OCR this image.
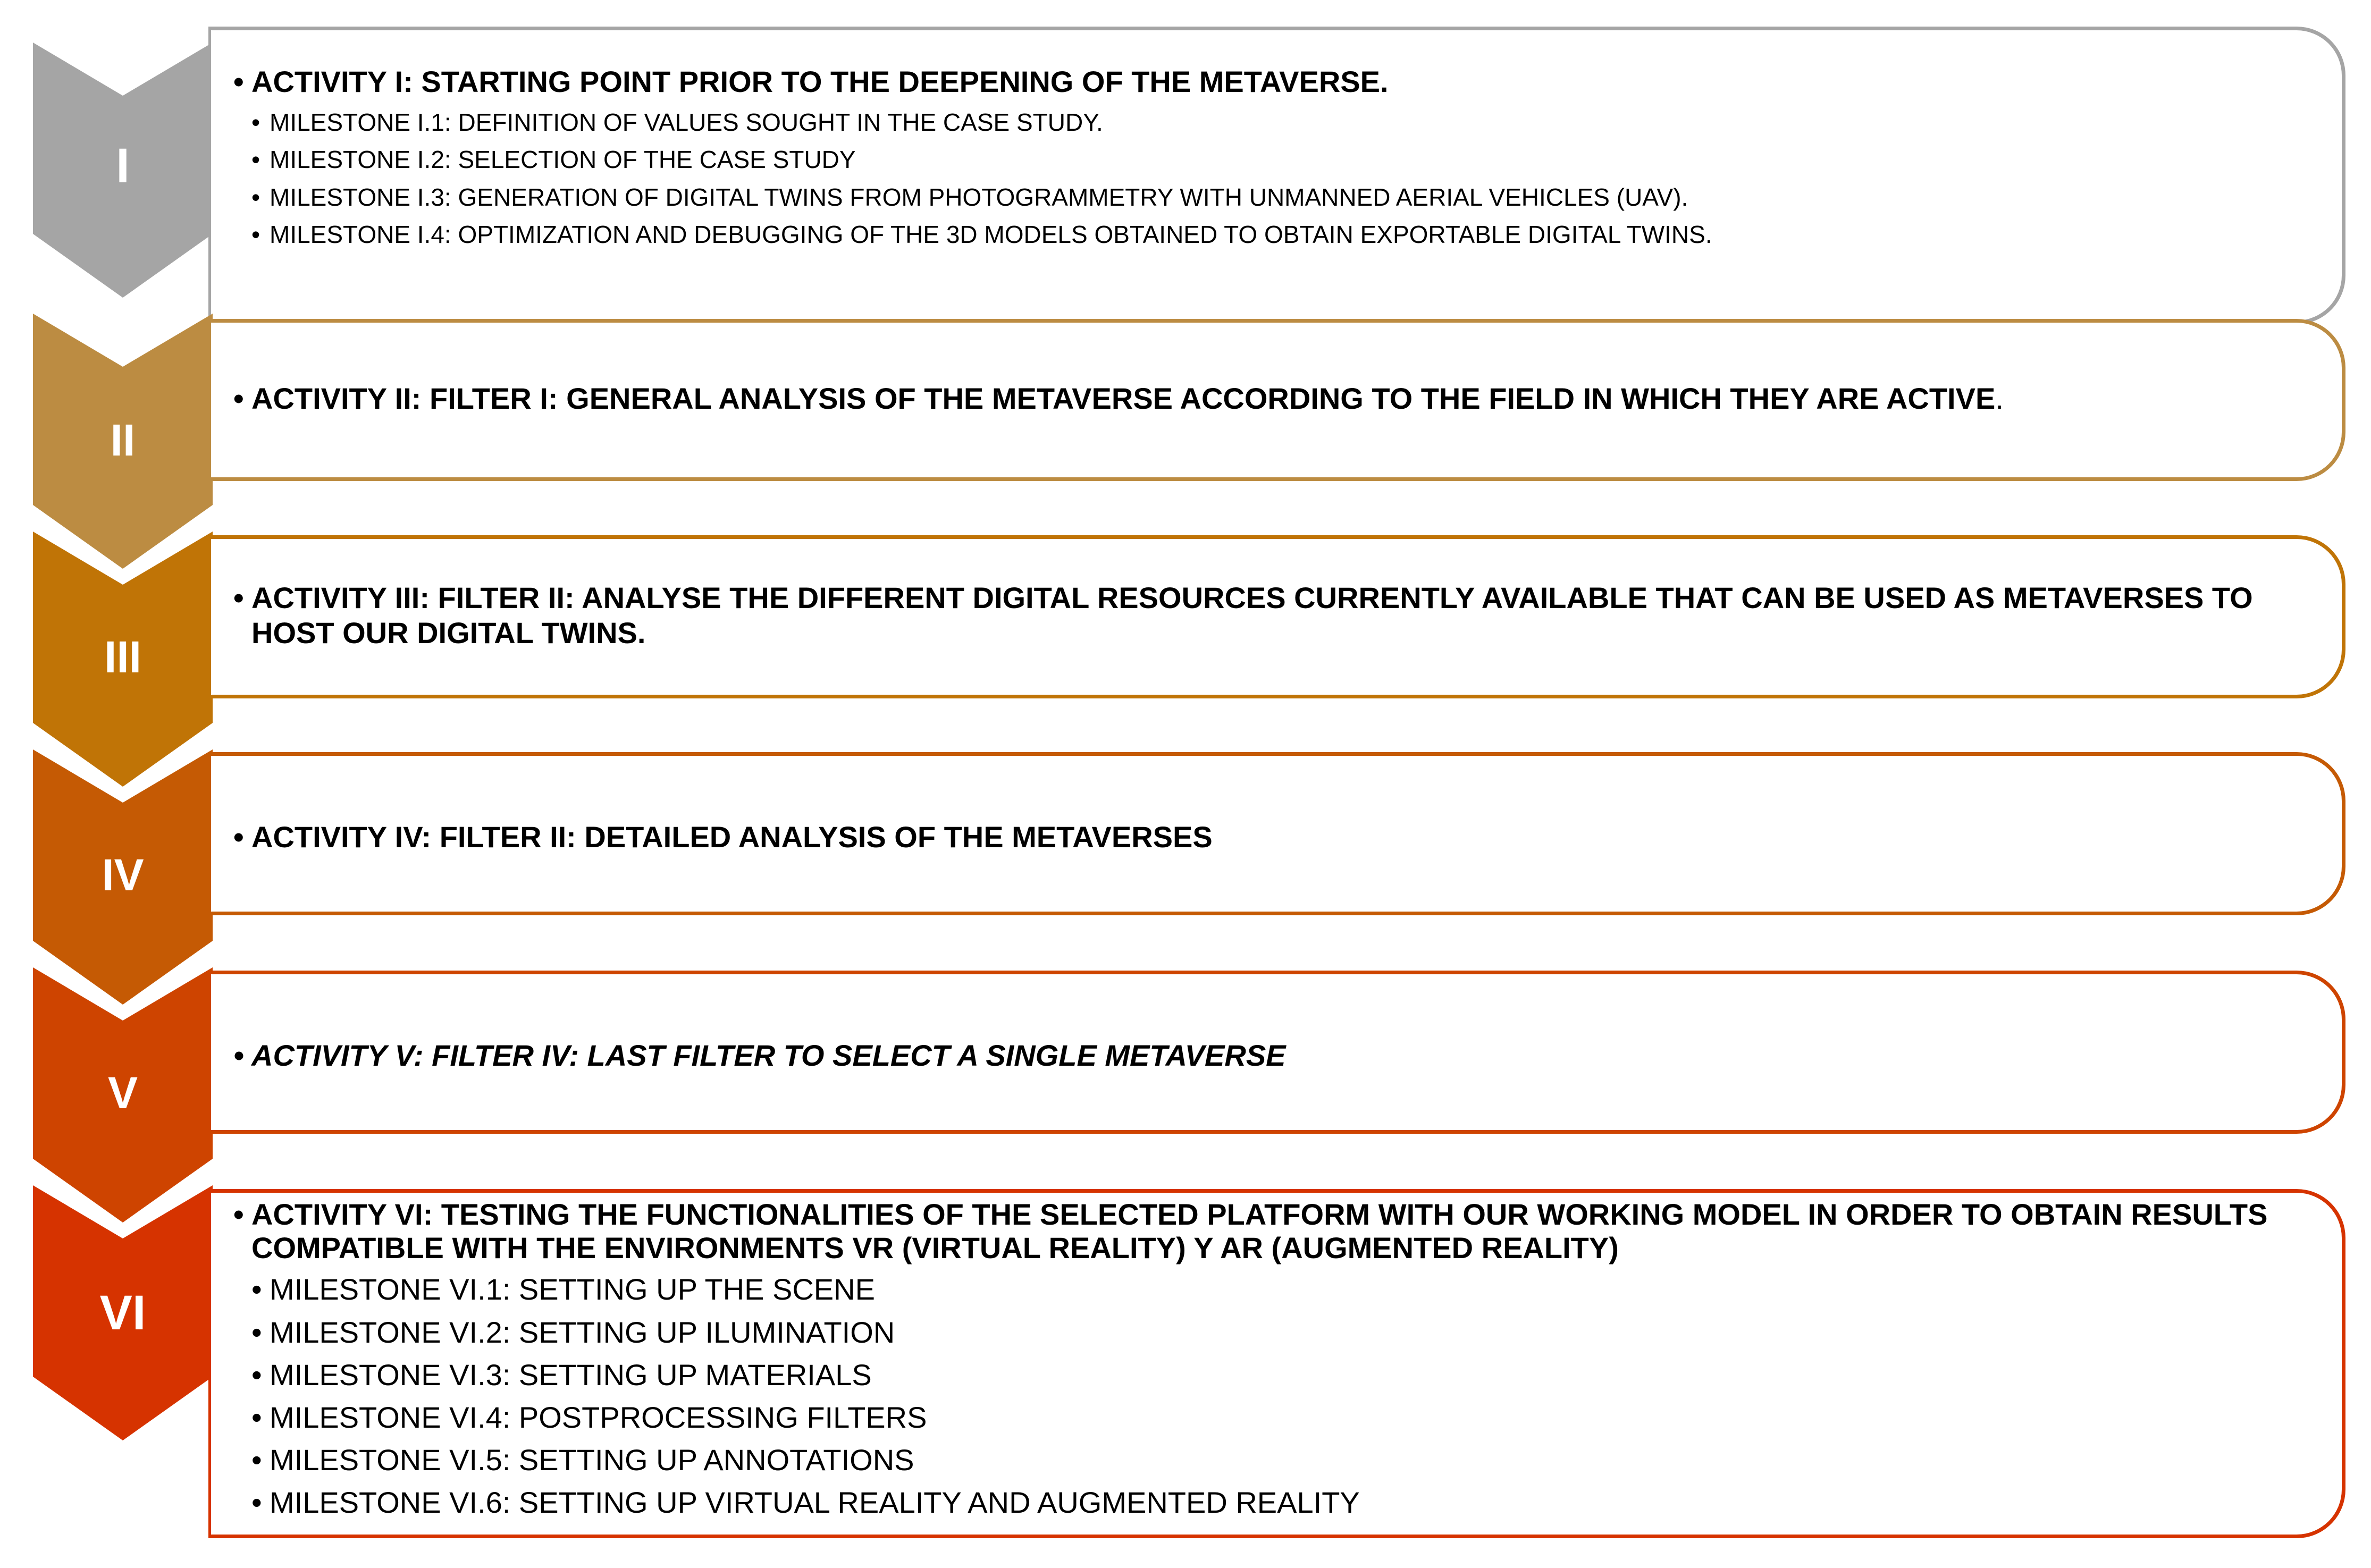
I
• ACTIVITY I: STARTING POINT PRIOR TO THE DEEPENING OF THE METAVERSE.
• MILESTONE I.1: DEFINITION OF VALUES SOUGHT IN THE CASE STUDY.
• MILESTONE I.2: SELECTION OF THE CASE STUDY
• MILESTONE I.3: GENERATION OF DIGITAL TWINS FROM PHOTOGRAMMETRY WITH UNMANNED AERIAL VEHICLES (UAV).
• MILESTONE I.4: OPTIMIZATION AND DEBUGGING OF THE 3D MODELS OBTAINED TO OBTAIN EXPORTABLE DIGITAL TWINS.
II
• ACTIVITY II: FILTER I: GENERAL ANALYSIS OF THE METAVERSE ACCORDING TO THE FIELD IN WHICH THEY ARE ACTIVE.
III
• ACTIVITY III: FILTER II: ANALYSE THE DIFFERENT DIGITAL RESOURCES CURRENTLY AVAILABLE THAT CAN BE USED AS METAVERSES TO HOST OUR DIGITAL TWINS.
IV
• ACTIVITY IV: FILTER II: DETAILED ANALYSIS OF THE METAVERSES
V
• ACTIVITY V: FILTER IV: LAST FILTER TO SELECT A SINGLE METAVERSE
VI
• ACTIVITY VI: TESTING THE FUNCTIONALITIES OF THE SELECTED PLATFORM WITH OUR WORKING MODEL IN ORDER TO OBTAIN RESULTS COMPATIBLE WITH THE ENVIRONMENTS VR (VIRTUAL REALITY) Y AR (AUGMENTED REALITY)
• MILESTONE VI.1: SETTING UP THE SCENE
• MILESTONE VI.2: SETTING UP ILUMINATION
• MILESTONE VI.3: SETTING UP MATERIALS
• MILESTONE VI.4: POSTPROCESSING FILTERS
• MILESTONE VI.5: SETTING UP ANNOTATIONS
• MILESTONE VI.6: SETTING UP VIRTUAL REALITY AND AUGMENTED REALITY
